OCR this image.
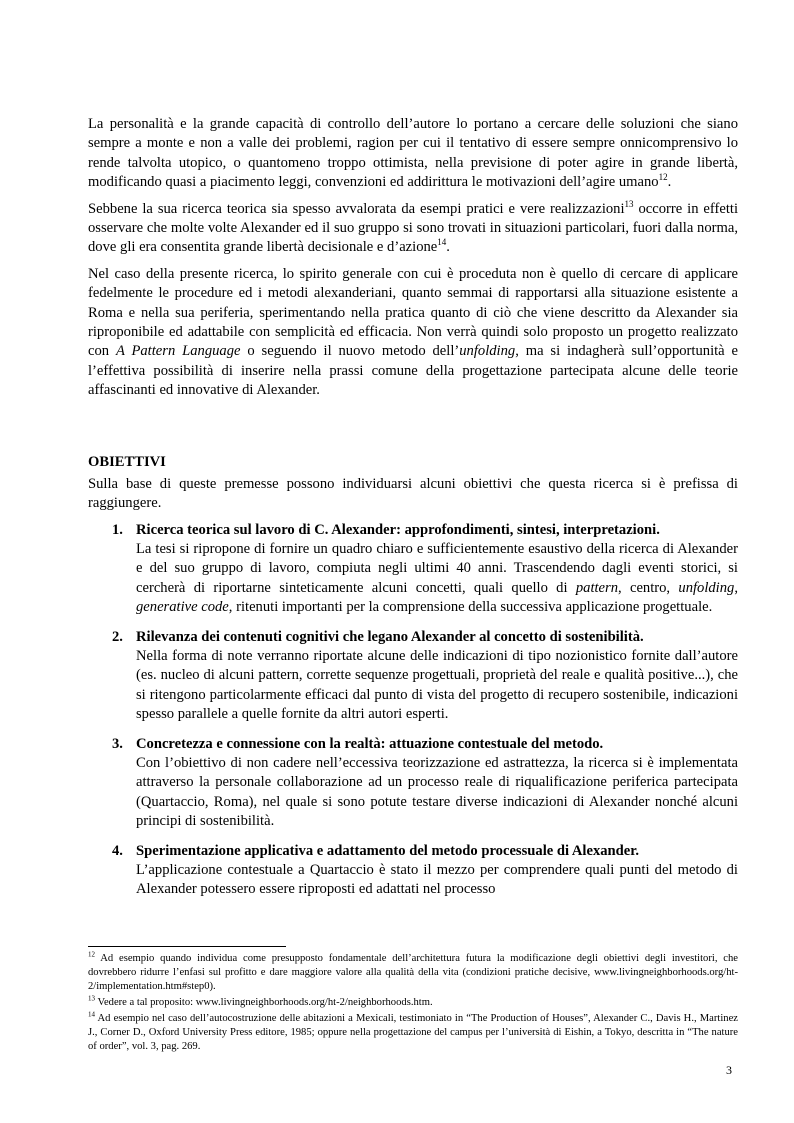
La personalità e la grande capacità di controllo dell’autore lo portano a cercare delle soluzioni che siano sempre a monte e non a valle dei problemi, ragion per cui il tentativo di essere sempre onnicomprensivo lo rende talvolta utopico, o quantomeno troppo ottimista, nella previsione di poter agire in grande libertà, modificando quasi a piacimento leggi, convenzioni ed addirittura le motivazioni dell’agire umano$^{12}$.

Sebbene la sua ricerca teorica sia spesso avvalorata da esempi pratici e vere realizzazioni$^{13}$ occorre in effetti osservare che molte volte Alexander ed il suo gruppo si sono trovati in situazioni particolari, fuori dalla norma, dove gli era consentita grande libertà decisionale e d’azione$^{14}$.

Nel caso della presente ricerca, lo spirito generale con cui è proceduta non è quello di cercare di applicare fedelmente le procedure ed i metodi alexanderiani, quanto semmai di rapportarsi alla situazione esistente a Roma e nella sua periferia, sperimentando nella pratica quanto di ciò che viene descritto da Alexander sia riproponibile ed adattabile con semplicità ed efficacia. Non verrà quindi solo proposto un progetto realizzato con A Pattern Language o seguendo il nuovo metodo dell’unfolding, ma si indagherà sull’opportunità e l’effettiva possibilità di inserire nella prassi comune della progettazione partecipata alcune delle teorie affascinanti ed innovative di Alexander.

OBIETTIVI

Sulla base di queste premesse possono individuarsi alcuni obiettivi che questa ricerca si è prefissa di raggiungere.

1. Ricerca teorica sul lavoro di C. Alexander: approfondimenti, sintesi, interpretazioni.
La tesi si ripropone di fornire un quadro chiaro e sufficientemente esaustivo della ricerca di Alexander e del suo gruppo di lavoro, compiuta negli ultimi 40 anni. Trascendendo dagli eventi storici, si cercherà di riportarne sinteticamente alcuni concetti, quali quello di pattern, centro, unfolding, generative code, ritenuti importanti per la comprensione della successiva applicazione progettuale.
2. Rilevanza dei contenuti cognitivi che legano Alexander al concetto di sostenibilità.
Nella forma di note verranno riportate alcune delle indicazioni di tipo nozionistico fornite dall’autore (es. nucleo di alcuni pattern, corrette sequenze progettuali, proprietà del reale e qualità positive...), che si ritengono particolarmente efficaci dal punto di vista del progetto di recupero sostenibile, indicazioni spesso parallele a quelle fornite da altri autori esperti.
3. Concretezza e connessione con la realtà: attuazione contestuale del metodo.
Con l’obiettivo di non cadere nell’eccessiva teorizzazione ed astrattezza, la ricerca si è implementata attraverso la personale collaborazione ad un processo reale di riqualificazione periferica partecipata (Quartaccio, Roma), nel quale si sono potute testare diverse indicazioni di Alexander nonché alcuni principi di sostenibilità.
4. Sperimentazione applicativa e adattamento del metodo processuale di Alexander.
L’applicazione contestuale a Quartaccio è stato il mezzo per comprendere quali punti del metodo di Alexander potessero essere riproposti ed adattati nel processo

$^{12}$ Ad esempio quando individua come presupposto fondamentale dell’architettura futura la modificazione degli obiettivi degli investitori, che dovrebbero ridurre l’enfasi sul profitto e dare maggiore valore alla qualità della vita (condizioni pratiche decisive, www.livingneighborhoods.org/ht-2/implementation.htm#step0).

$^{13}$ Vedere a tal proposito: www.livingneighborhoods.org/ht-2/neighborhoods.htm.

$^{14}$ Ad esempio nel caso dell’autocostruzione delle abitazioni a Mexicali, testimoniato in “The Production of Houses”, Alexander C., Davis H., Martinez J., Corner D., Oxford University Press editore, 1985; oppure nella progettazione del campus per l’università di Eishin, a Tokyo, descritta in “The nature of order”, vol. 3, pag. 269.

3
